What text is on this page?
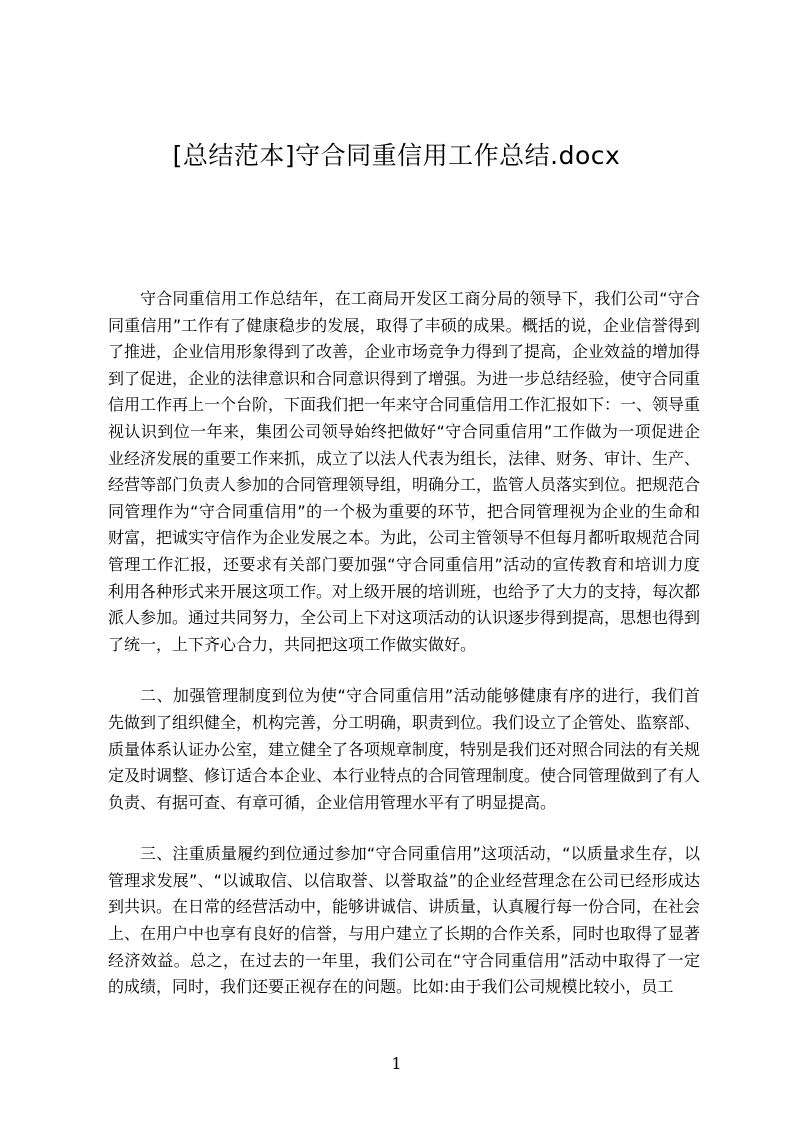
[总结范本]守合同重信用工作总结.docx

守合同重信用工作总结年，在工商局开发区工商分局的领导下，我们公司“守合同重信用”工作有了健康稳步的发展，取得了丰硕的成果。概括的说，企业信誉得到了推进，企业信用形象得到了改善，企业市场竞争力得到了提高，企业效益的增加得到了促进，企业的法律意识和合同意识得到了增强。为进一步总结经验，使守合同重信用工作再上一个台阶，下面我们把一年来守合同重信用工作汇报如下：一、领导重视认识到位一年来，集团公司领导始终把做好“守合同重信用”工作做为一项促进企业经济发展的重要工作来抓，成立了以法人代表为组长，法律、财务、审计、生产、经营等部门负责人参加的合同管理领导组，明确分工，监管人员落实到位。把规范合同管理作为“守合同重信用”的一个极为重要的环节，把合同管理视为企业的生命和财富，把诚实守信作为企业发展之本。为此，公司主管领导不但每月都听取规范合同管理工作汇报，还要求有关部门要加强“守合同重信用”活动的宣传教育和培训力度利用各种形式来开展这项工作。对上级开展的培训班，也给予了大力的支持，每次都派人参加。通过共同努力，全公司上下对这项活动的认识逐步得到提高，思想也得到了统一，上下齐心合力，共同把这项工作做实做好。

二、加强管理制度到位为使“守合同重信用”活动能够健康有序的进行，我们首先做到了组织健全，机构完善，分工明确，职责到位。我们设立了企管处、监察部、质量体系认证办公室，建立健全了各项规章制度，特别是我们还对照合同法的有关规定及时调整、修订适合本企业、本行业特点的合同管理制度。使合同管理做到了有人负责、有据可查、有章可循，企业信用管理水平有了明显提高。

三、注重质量履约到位通过参加“守合同重信用”这项活动，“以质量求生存，以管理求发展”、“以诚取信、以信取誉、以誉取益”的企业经营理念在公司已经形成达到共识。在日常的经营活动中，能够讲诚信、讲质量，认真履行每一份合同，在社会上、在用户中也享有良好的信誉，与用户建立了长期的合作关系，同时也取得了显著经济效益。总之，在过去的一年里，我们公司在“守合同重信用”活动中取得了一定的成绩，同时，我们还要正视存在的问题。比如:由于我们公司规模比较小，员工

1
